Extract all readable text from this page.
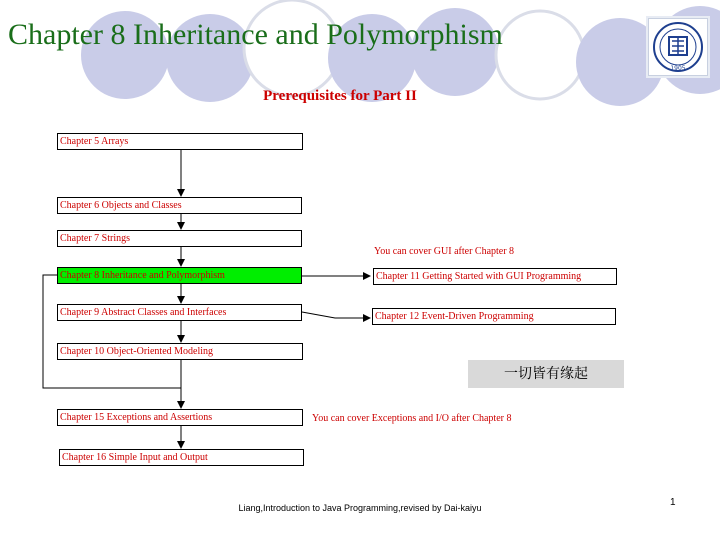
Chapter 8 Inheritance and Polymorphism
1905
Prerequisites for Part II
Chapter 5 Arrays
Chapter 6 Objects and Classes
Chapter 7 Strings
Chapter 8 Inheritance and Polymorphism
Chapter 9 Abstract Classes and Interfaces
Chapter 10 Object-Oriented Modeling
Chapter 15 Exceptions and Assertions
Chapter 16 Simple Input and Output
Chapter 11 Getting Started with GUI Programming
Chapter 12 Event-Driven Programming
You can cover GUI after Chapter 8
You can cover Exceptions and I/O after Chapter 8
一切皆有缘起
Liang,Introduction to Java Programming,revised by Dai-kaiyu	1
